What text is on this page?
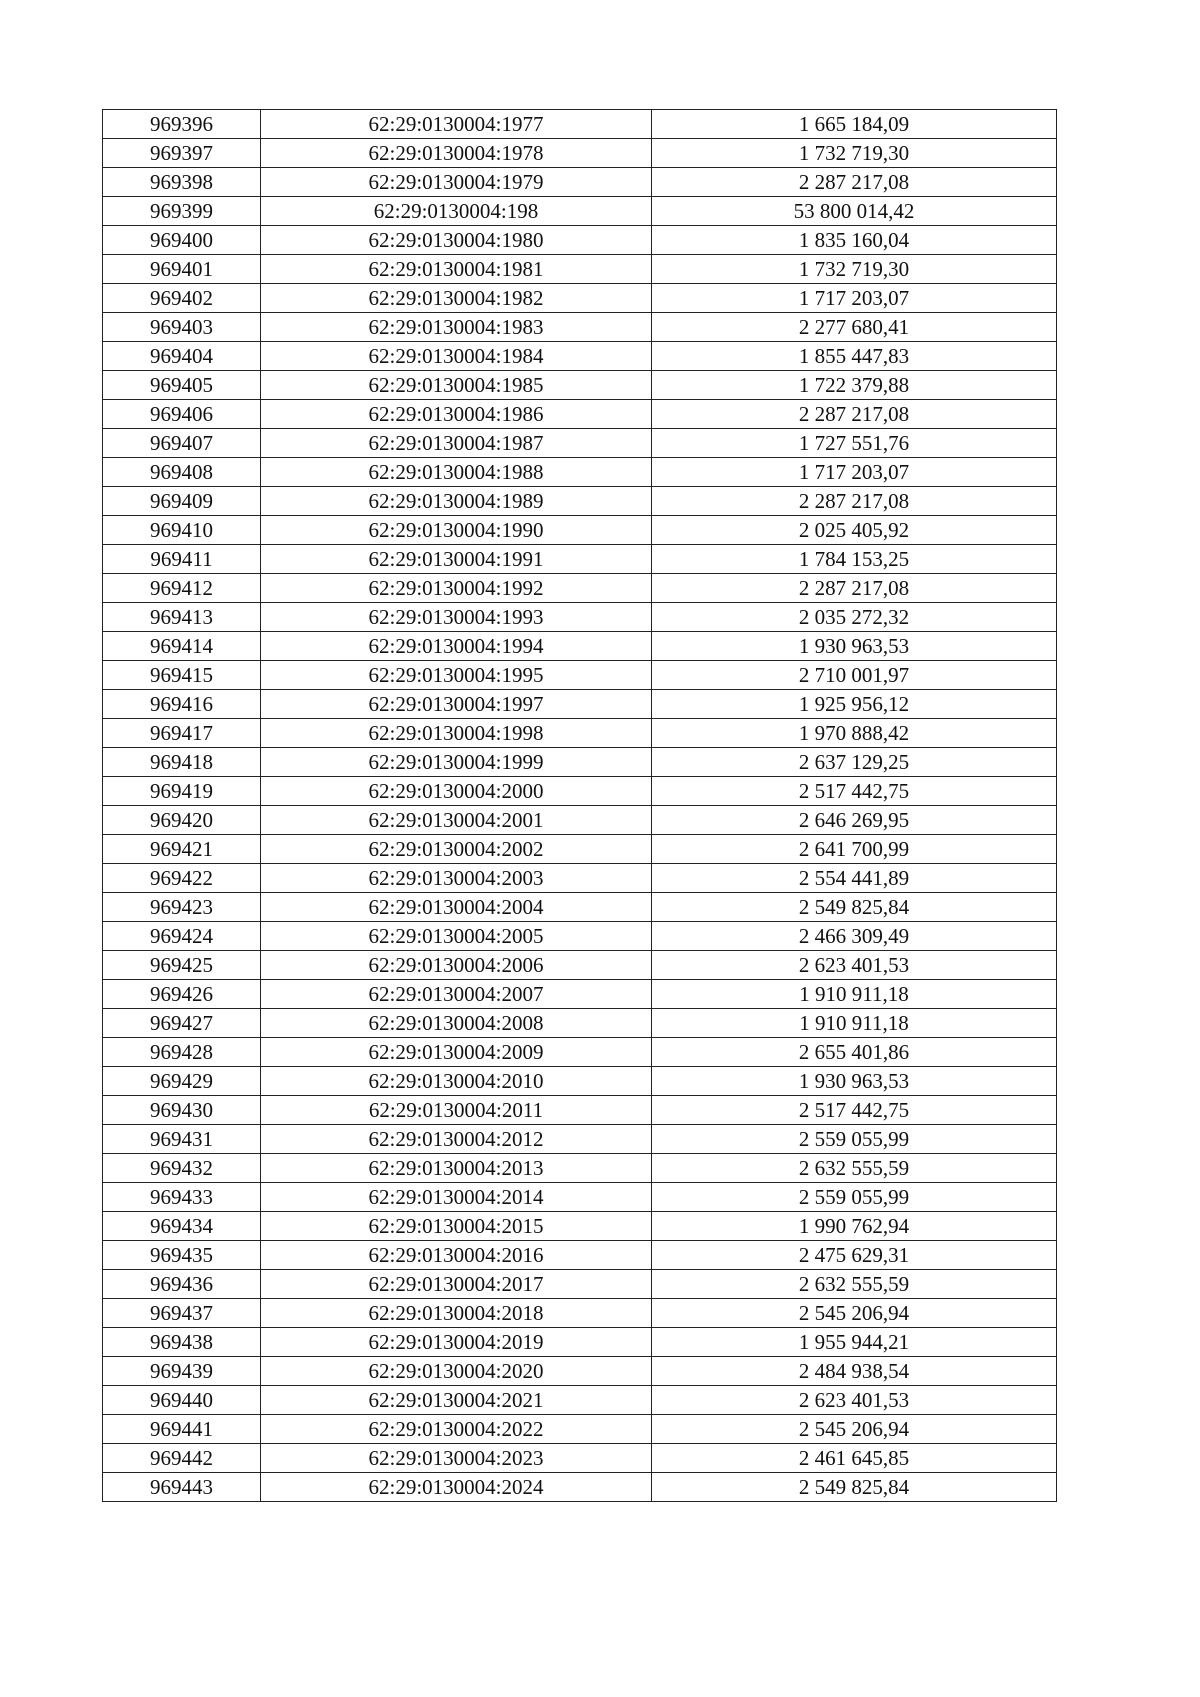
969396	62:29:0130004:1977	1 665 184,09
969397	62:29:0130004:1978	1 732 719,30
969398	62:29:0130004:1979	2 287 217,08
969399	62:29:0130004:198	53 800 014,42
969400	62:29:0130004:1980	1 835 160,04
969401	62:29:0130004:1981	1 732 719,30
969402	62:29:0130004:1982	1 717 203,07
969403	62:29:0130004:1983	2 277 680,41
969404	62:29:0130004:1984	1 855 447,83
969405	62:29:0130004:1985	1 722 379,88
969406	62:29:0130004:1986	2 287 217,08
969407	62:29:0130004:1987	1 727 551,76
969408	62:29:0130004:1988	1 717 203,07
969409	62:29:0130004:1989	2 287 217,08
969410	62:29:0130004:1990	2 025 405,92
969411	62:29:0130004:1991	1 784 153,25
969412	62:29:0130004:1992	2 287 217,08
969413	62:29:0130004:1993	2 035 272,32
969414	62:29:0130004:1994	1 930 963,53
969415	62:29:0130004:1995	2 710 001,97
969416	62:29:0130004:1997	1 925 956,12
969417	62:29:0130004:1998	1 970 888,42
969418	62:29:0130004:1999	2 637 129,25
969419	62:29:0130004:2000	2 517 442,75
969420	62:29:0130004:2001	2 646 269,95
969421	62:29:0130004:2002	2 641 700,99
969422	62:29:0130004:2003	2 554 441,89
969423	62:29:0130004:2004	2 549 825,84
969424	62:29:0130004:2005	2 466 309,49
969425	62:29:0130004:2006	2 623 401,53
969426	62:29:0130004:2007	1 910 911,18
969427	62:29:0130004:2008	1 910 911,18
969428	62:29:0130004:2009	2 655 401,86
969429	62:29:0130004:2010	1 930 963,53
969430	62:29:0130004:2011	2 517 442,75
969431	62:29:0130004:2012	2 559 055,99
969432	62:29:0130004:2013	2 632 555,59
969433	62:29:0130004:2014	2 559 055,99
969434	62:29:0130004:2015	1 990 762,94
969435	62:29:0130004:2016	2 475 629,31
969436	62:29:0130004:2017	2 632 555,59
969437	62:29:0130004:2018	2 545 206,94
969438	62:29:0130004:2019	1 955 944,21
969439	62:29:0130004:2020	2 484 938,54
969440	62:29:0130004:2021	2 623 401,53
969441	62:29:0130004:2022	2 545 206,94
969442	62:29:0130004:2023	2 461 645,85
969443	62:29:0130004:2024	2 549 825,84
